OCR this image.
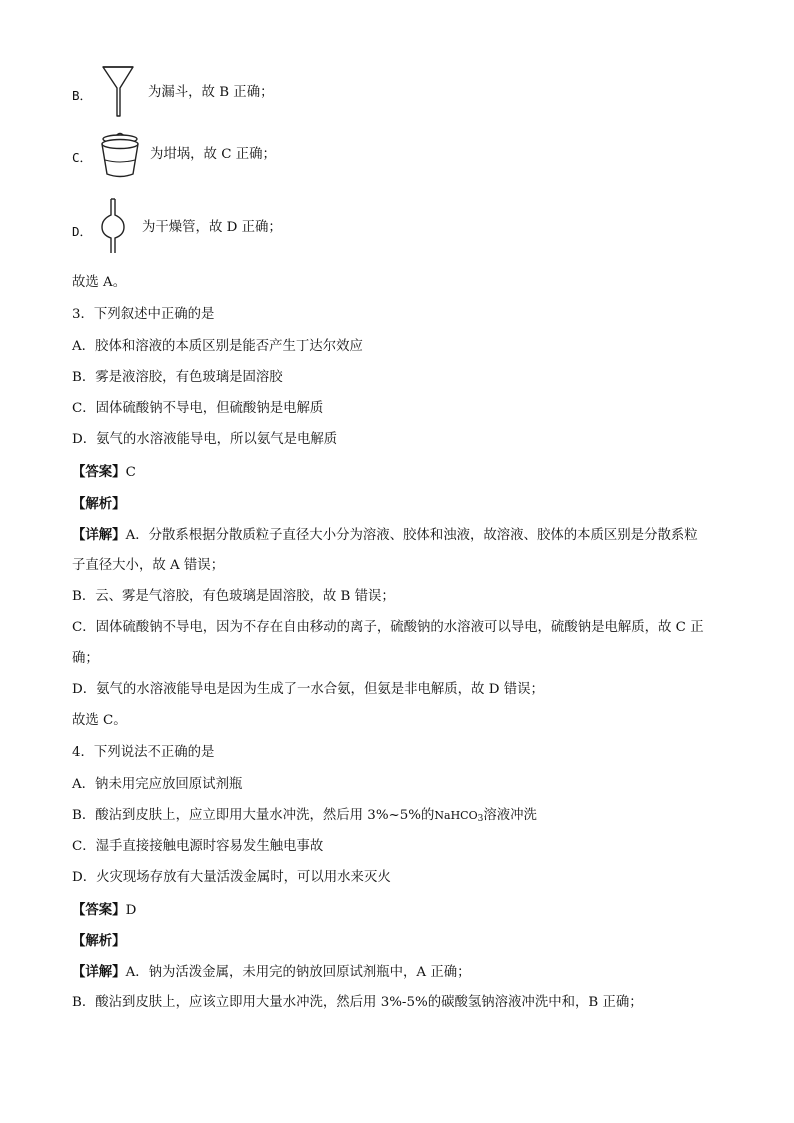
B．	为漏斗，故 B 正确；
C．	为坩埚，故 C 正确；
D．	为干燥管，故 D 正确；
故选 A。
3．下列叙述中正确的是
A．胶体和溶液的本质区别是能否产生丁达尔效应
B．雾是液溶胶，有色玻璃是固溶胶
C．固体硫酸钠不导电，但硫酸钠是电解质
D．氨气的水溶液能导电，所以氨气是电解质
【答案】C
【解析】
【详解】A．分散系根据分散质粒子直径大小分为溶液、胶体和浊液，故溶液、胶体的本质区别是分散系粒
子直径大小，故 A 错误；
B．云、雾是气溶胶，有色玻璃是固溶胶，故 B 错误；
C．固体硫酸钠不导电，因为不存在自由移动的离子，硫酸钠的水溶液可以导电，硫酸钠是电解质，故 C 正
确；
D．氨气的水溶液能导电是因为生成了一水合氨，但氨是非电解质，故 D 错误；
故选 C。
4．下列说法不正确的是
A．钠未用完应放回原试剂瓶
B．酸沾到皮肤上，应立即用大量水冲洗，然后用 3%~5%的NaHCO$_3$溶液冲洗
C．湿手直接接触电源时容易发生触电事故
D．火灾现场存放有大量活泼金属时，可以用水来灭火
【答案】D
【解析】
【详解】A．钠为活泼金属，未用完的钠放回原试剂瓶中，A 正确；
B．酸沾到皮肤上，应该立即用大量水冲洗，然后用 3%-5%的碳酸氢钠溶液冲洗中和，B 正确；
